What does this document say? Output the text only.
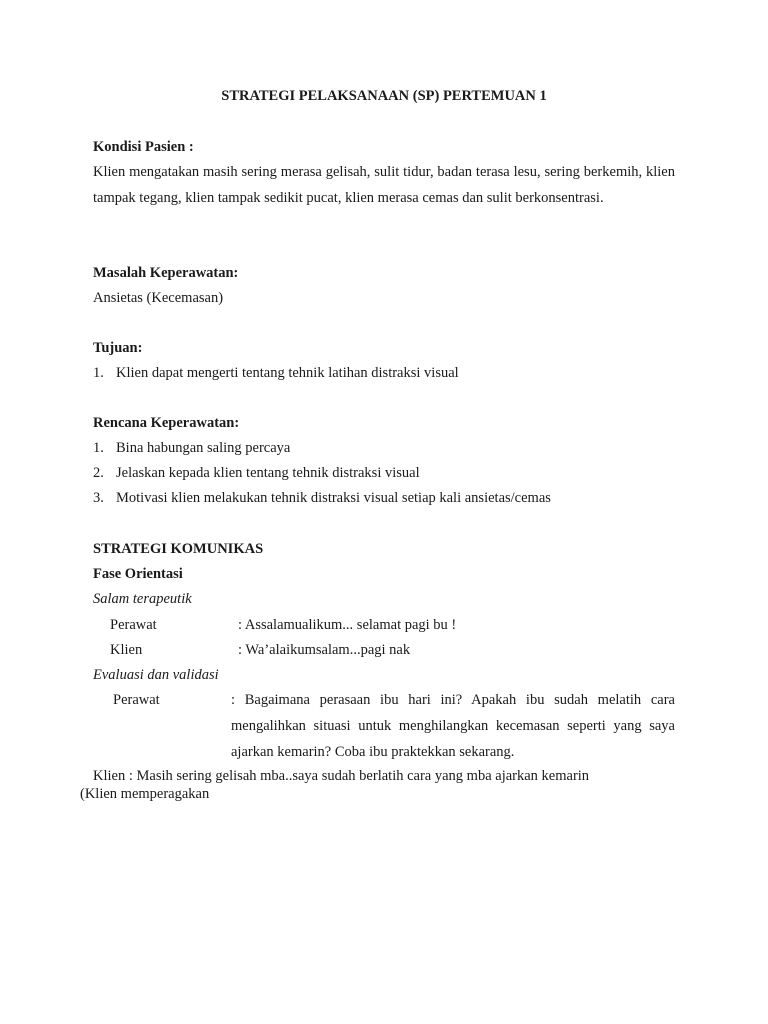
STRATEGI PELAKSANAAN (SP) PERTEMUAN 1
Kondisi Pasien :
Klien mengatakan masih sering merasa gelisah, sulit tidur, badan terasa lesu, sering berkemih, klien tampak tegang, klien tampak sedikit pucat, klien merasa cemas dan sulit berkonsentrasi.
Masalah Keperawatan:
Ansietas (Kecemasan)
Tujuan:
1. Klien dapat mengerti tentang tehnik latihan distraksi visual
Rencana Keperawatan:
1. Bina habungan saling percaya
2. Jelaskan kepada klien tentang tehnik distraksi visual
3. Motivasi klien melakukan tehnik distraksi visual setiap kali ansietas/cemas
STRATEGI KOMUNIKAS
Fase Orientasi
Salam terapeutik
Perawat	: Assalamualikum... selamat pagi bu !
Klien	: Wa’alaikumsalam...pagi nak
Evaluasi dan validasi
Perawat	: Bagaimana perasaan ibu hari ini? Apakah ibu sudah melatih cara mengalihkan situasi untuk menghilangkan kecemasan seperti yang saya ajarkan kemarin? Coba ibu praktekkan sekarang.
Klien : Masih sering gelisah mba..saya sudah berlatih cara yang mba ajarkan kemarin
(Klien memperagakan
